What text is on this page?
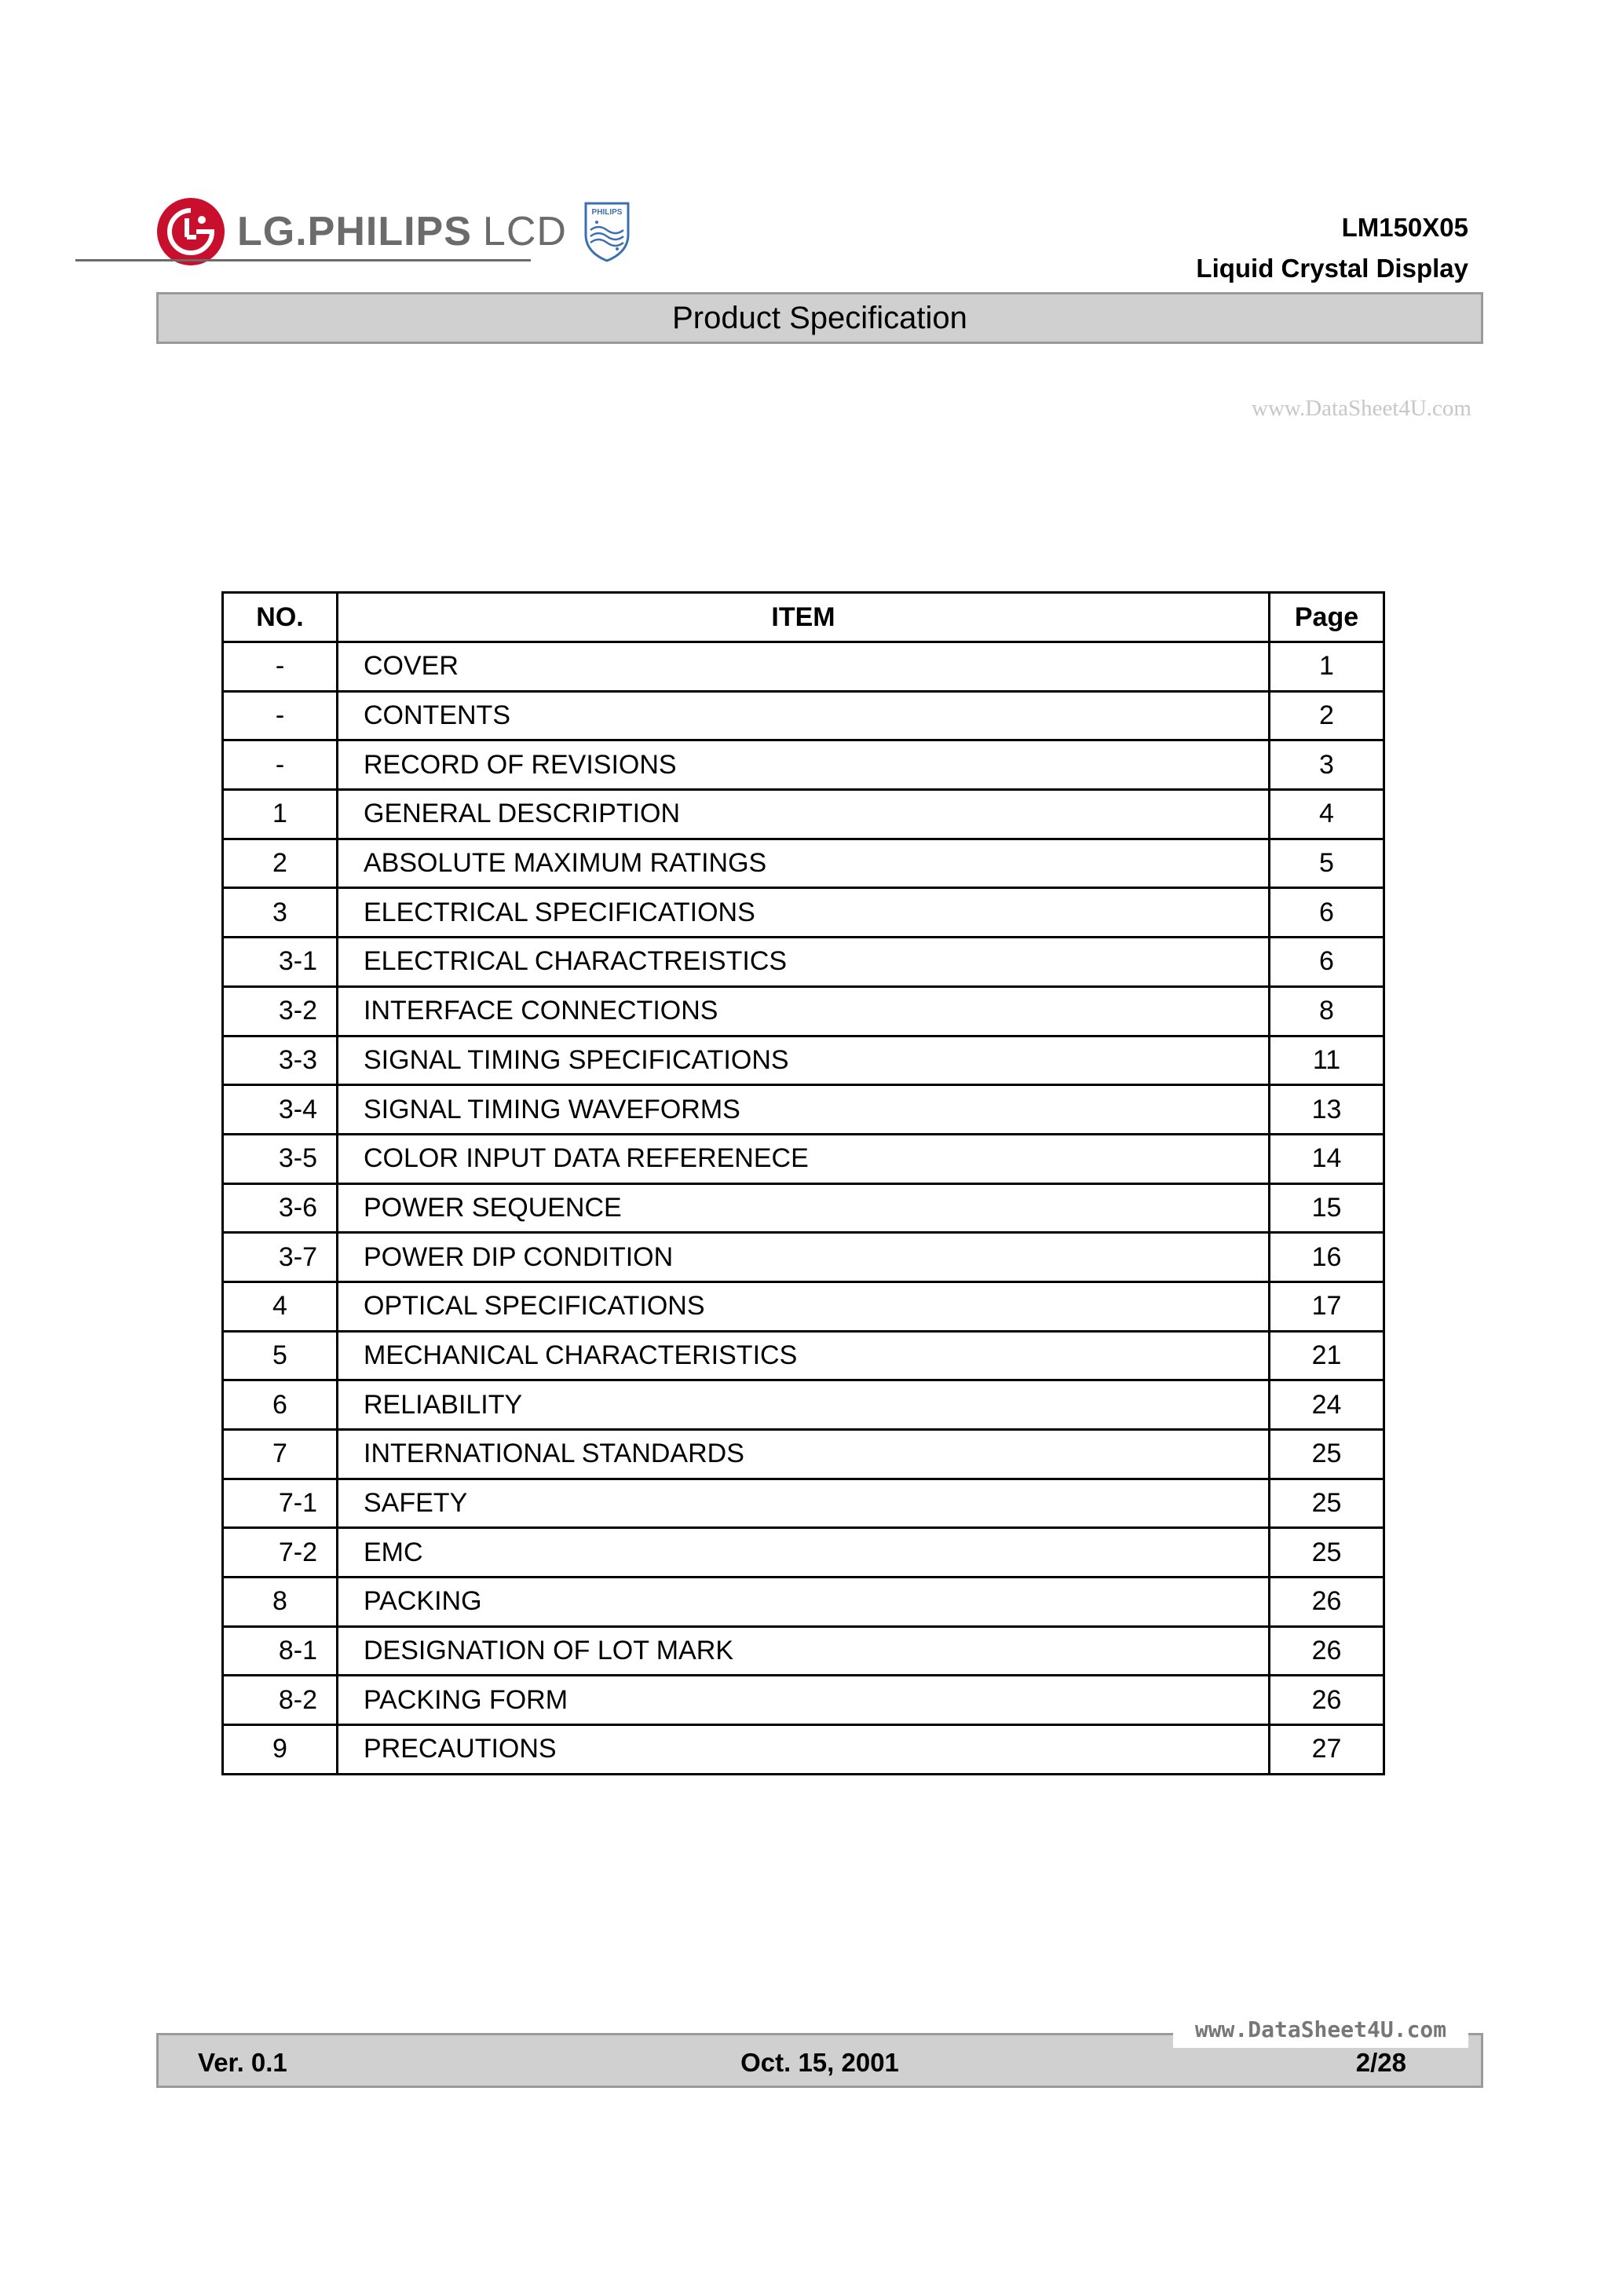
LG.PHILIPS LCD	PHILIPS
LM150X05
Liquid Crystal Display
Product Specification
www.DataSheet4U.com
NO.	ITEM	Page
-	COVER	1
-	CONTENTS	2
-	RECORD OF REVISIONS	3
1	GENERAL DESCRIPTION	4
2	ABSOLUTE MAXIMUM RATINGS	5
3	ELECTRICAL SPECIFICATIONS	6
3-1	ELECTRICAL CHARACTREISTICS	6
3-2	INTERFACE CONNECTIONS	8
3-3	SIGNAL TIMING SPECIFICATIONS	11
3-4	SIGNAL TIMING WAVEFORMS	13
3-5	COLOR INPUT DATA REFERENECE	14
3-6	POWER SEQUENCE	15
3-7	POWER DIP CONDITION	16
4	OPTICAL SPECIFICATIONS	17
5	MECHANICAL CHARACTERISTICS	21
6	RELIABILITY	24
7	INTERNATIONAL STANDARDS	25
7-1	SAFETY	25
7-2	EMC	25
8	PACKING	26
8-1	DESIGNATION OF LOT MARK	26
8-2	PACKING FORM	26
9	PRECAUTIONS	27
Ver. 0.1	Oct. 15, 2001	2/28
www.DataSheet4U.com
